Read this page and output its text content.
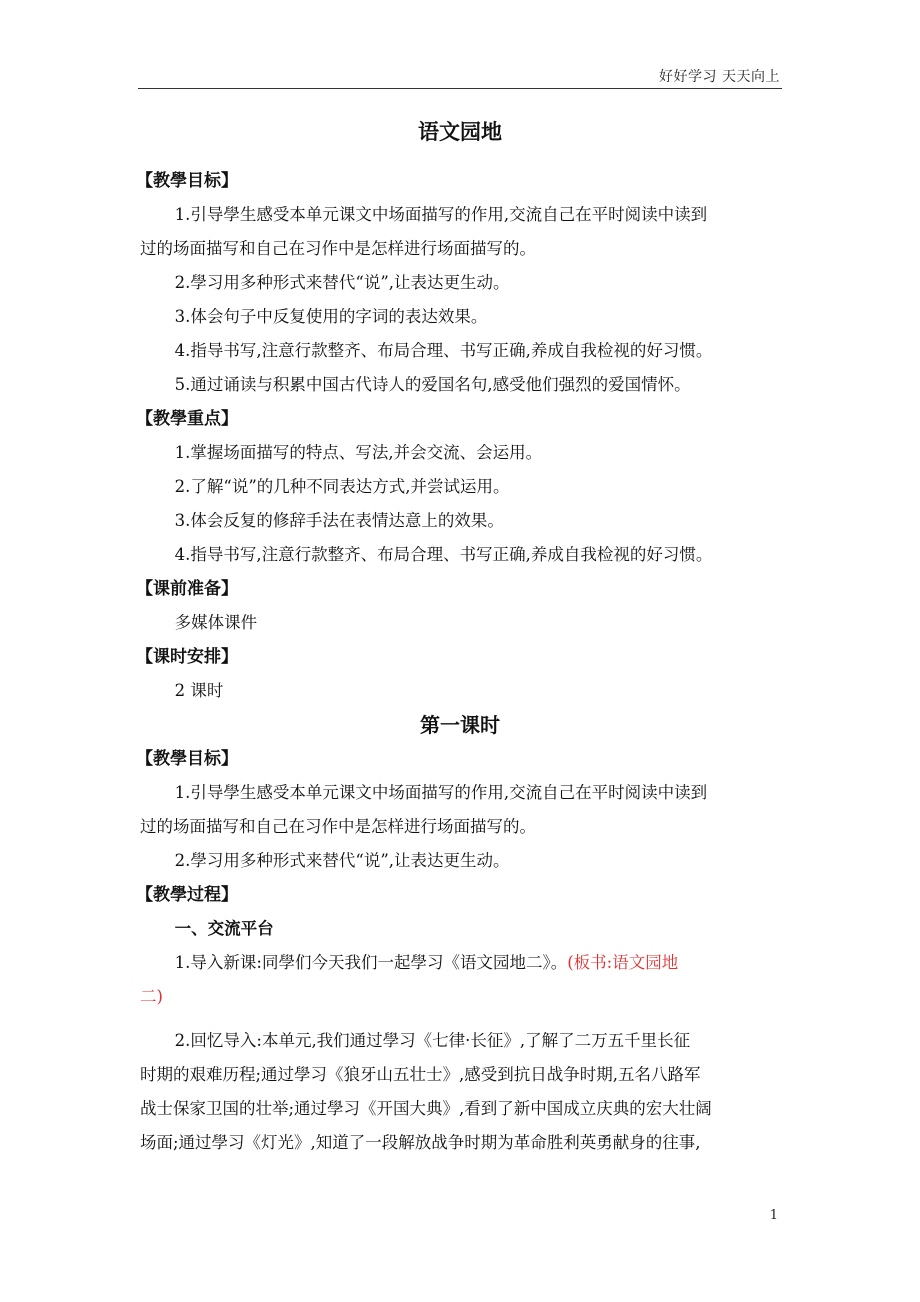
好好学习 天天向上
语文园地
【教學目标】
1.引导學生感受本单元课文中场面描写的作用,交流自己在平时阅读中读到
过的场面描写和自己在习作中是怎样进行场面描写的。
2.學习用多种形式来替代“说”,让表达更生动。
3.体会句子中反复使用的字词的表达效果。
4.指导书写,注意行款整齐、布局合理、书写正确,养成自我检视的好习惯。
5.通过诵读与积累中国古代诗人的爱国名句,感受他们强烈的爱国情怀。
【教學重点】
1.掌握场面描写的特点、写法,并会交流、会运用。
2.了解“说”的几种不同表达方式,并尝试运用。
3.体会反复的修辞手法在表情达意上的效果。
4.指导书写,注意行款整齐、布局合理、书写正确,养成自我检视的好习惯。
【课前准备】
多媒体课件
【课时安排】
2 课时
第一课时
【教學目标】
1.引导學生感受本单元课文中场面描写的作用,交流自己在平时阅读中读到
过的场面描写和自己在习作中是怎样进行场面描写的。
2.學习用多种形式来替代“说”,让表达更生动。
【教學过程】
一、交流平台
1.导入新课:同學们今天我们一起學习《语文园地二》。(板书:语文园地
二)
2.回忆导入:本单元,我们通过學习《七律·长征》,了解了二万五千里长征
时期的艰难历程;通过學习《狼牙山五壮士》,感受到抗日战争时期,五名八路军
战士保家卫国的壮举;通过學习《开国大典》,看到了新中国成立庆典的宏大壮阔
场面;通过學习《灯光》,知道了一段解放战争时期为革命胜利英勇献身的往事,
1
